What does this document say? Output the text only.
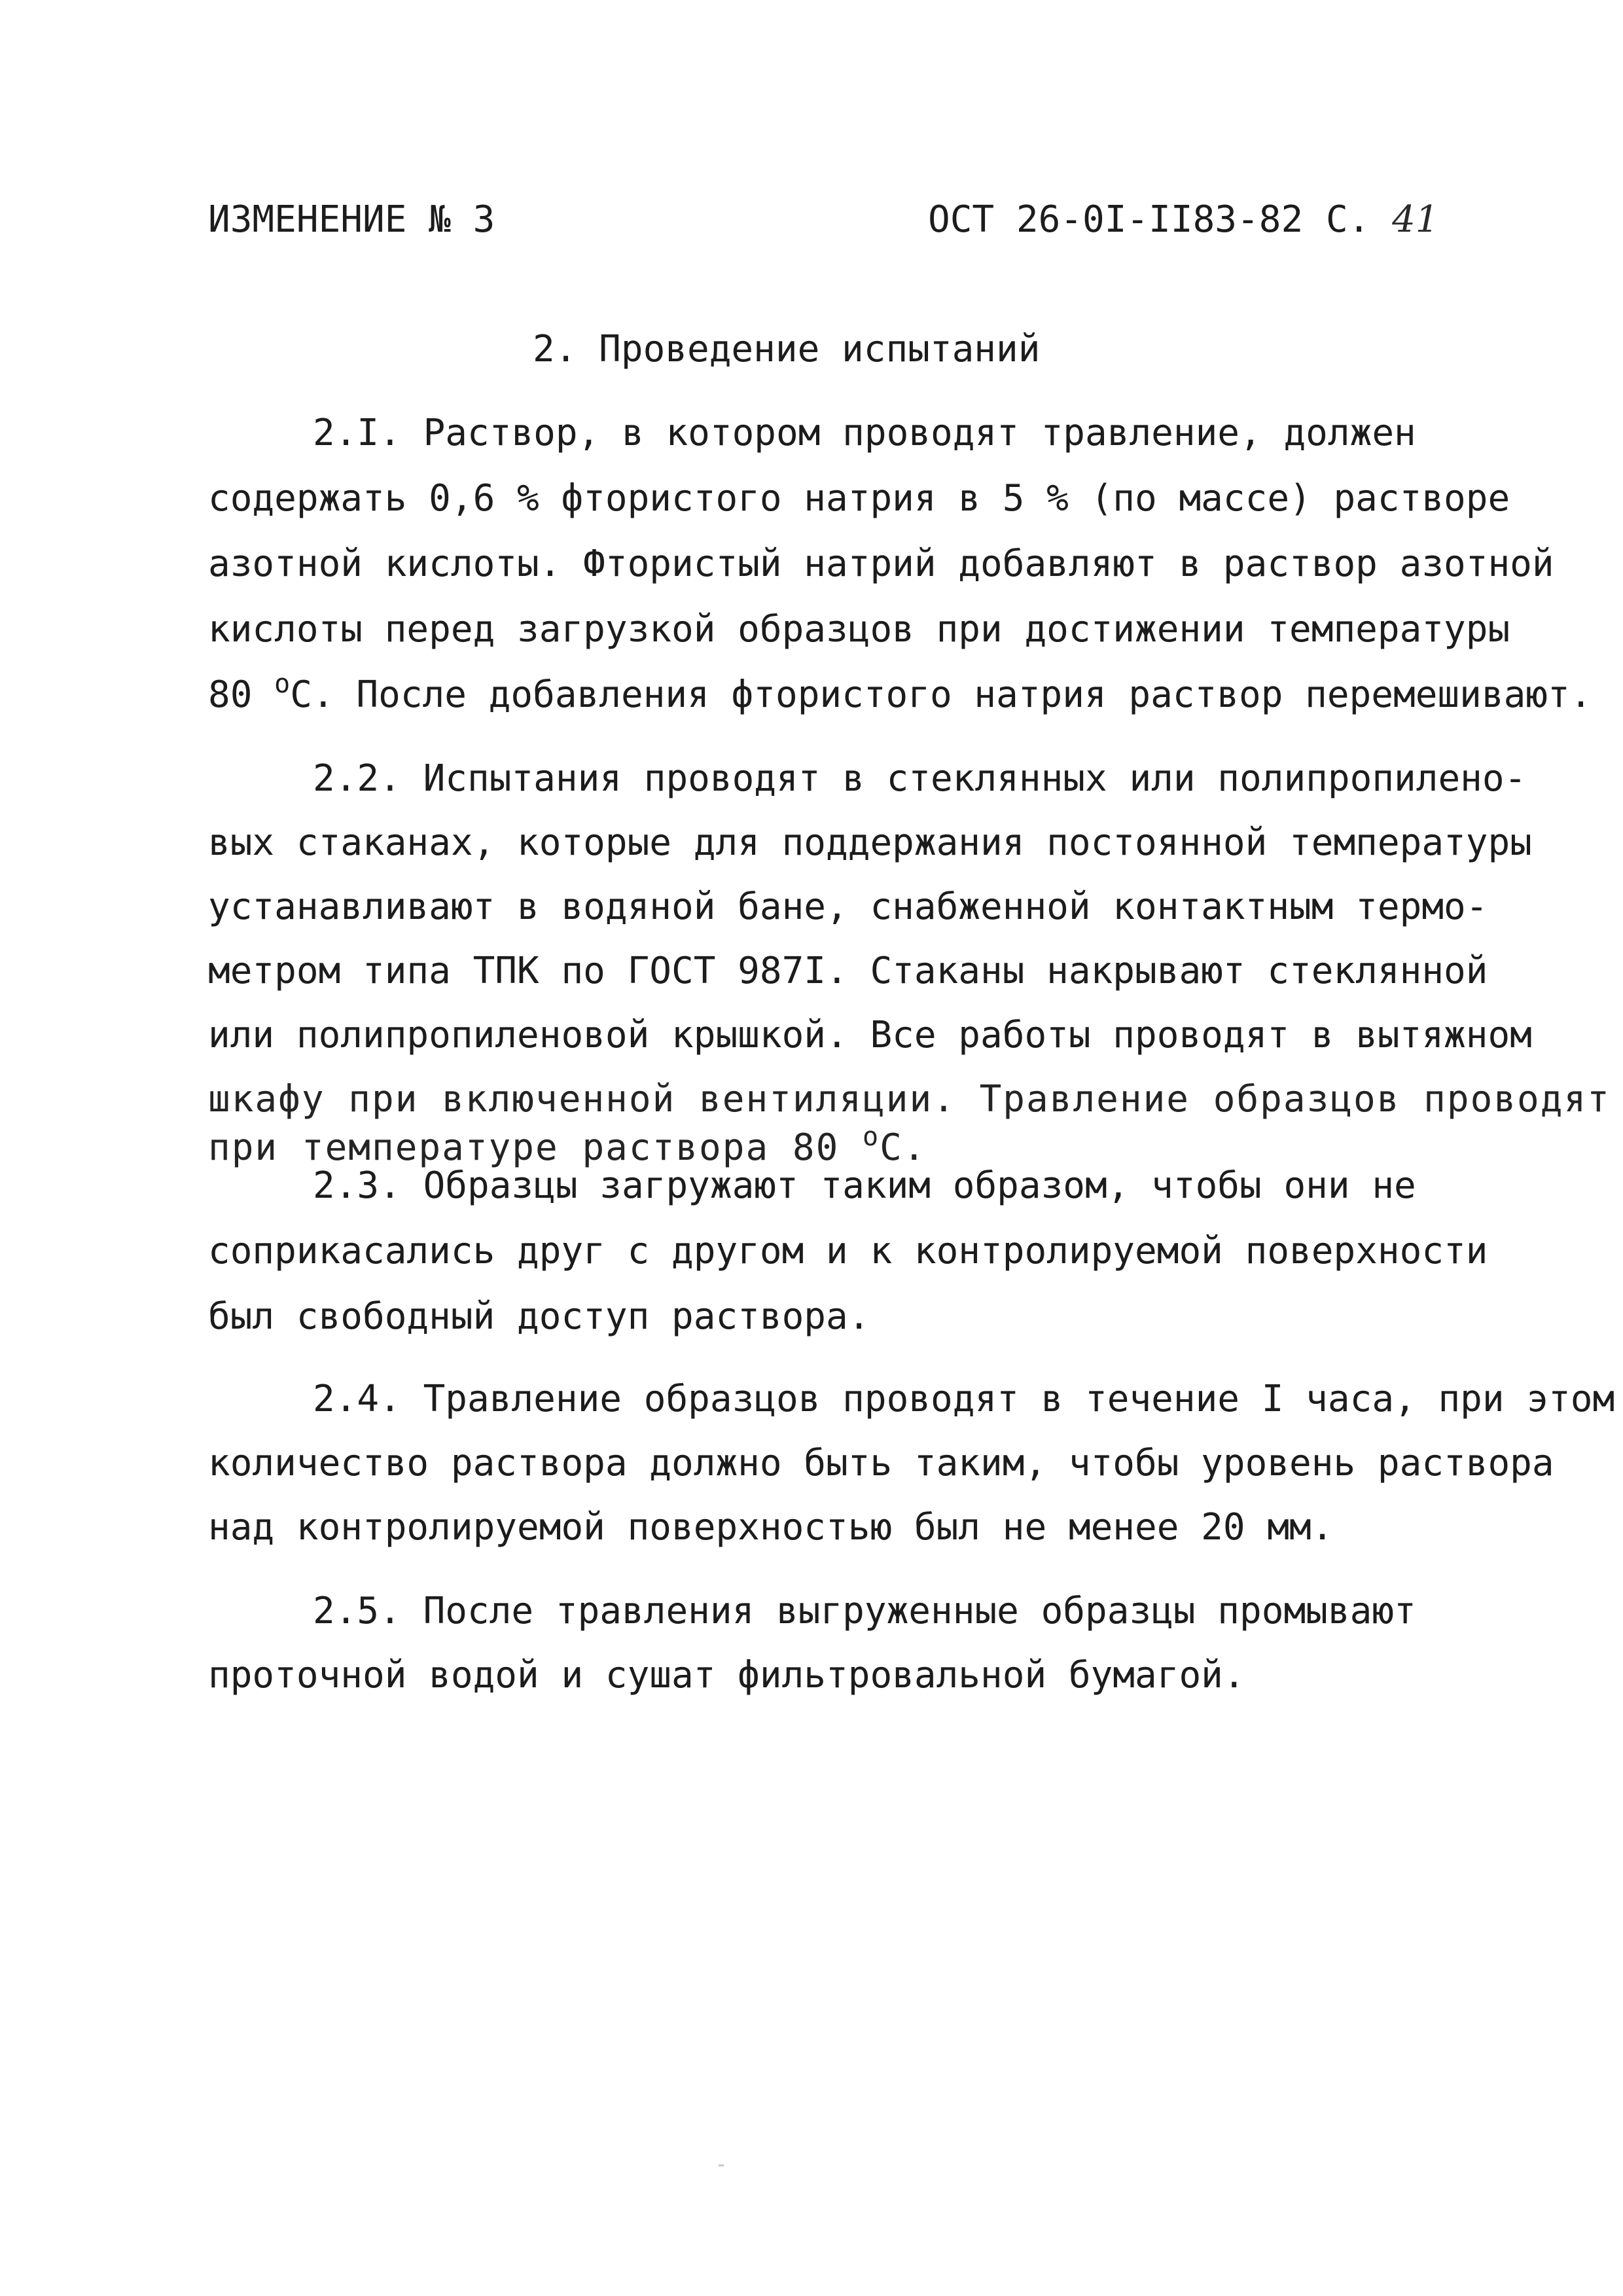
ИЗМЕНЕНИЕ № 3	ОСТ 26-0I-II83-82 С. 41
2. Проведение испытаний
2.I. Раствор, в котором проводят травление, должен
содержать 0,6 % фтористого натрия в 5 % (по массе) растворе
азотной кислоты. Фтористый натрий добавляют в раствор азотной
кислоты перед загрузкой образцов при достижении температуры
80 $^о$С. После добавления фтористого натрия раствор перемешивают.
2.2. Испытания проводят в стеклянных или полипропилено-
вых стаканах, которые для поддержания постоянной температуры
устанавливают в водяной бане, снабженной контактным термо-
метром типа ТПК по ГОСТ 987I. Стаканы накрывают стеклянной
или полипропиленовой крышкой. Все работы проводят в вытяжном
шкафу при включенной вентиляции. Травление образцов проводят
при температуре раствора 80 $^о$С.
2.3. Образцы загружают таким образом, чтобы они не
соприкасались друг с другом и к контролируемой поверхности
был свободный доступ раствора.
2.4. Травление образцов проводят в течение I часа, при этом
количество раствора должно быть таким, чтобы уровень раствора
над контролируемой поверхностью был не менее 20 мм.
2.5. После травления выгруженные образцы промывают
проточной водой и сушат фильтровальной бумагой.
